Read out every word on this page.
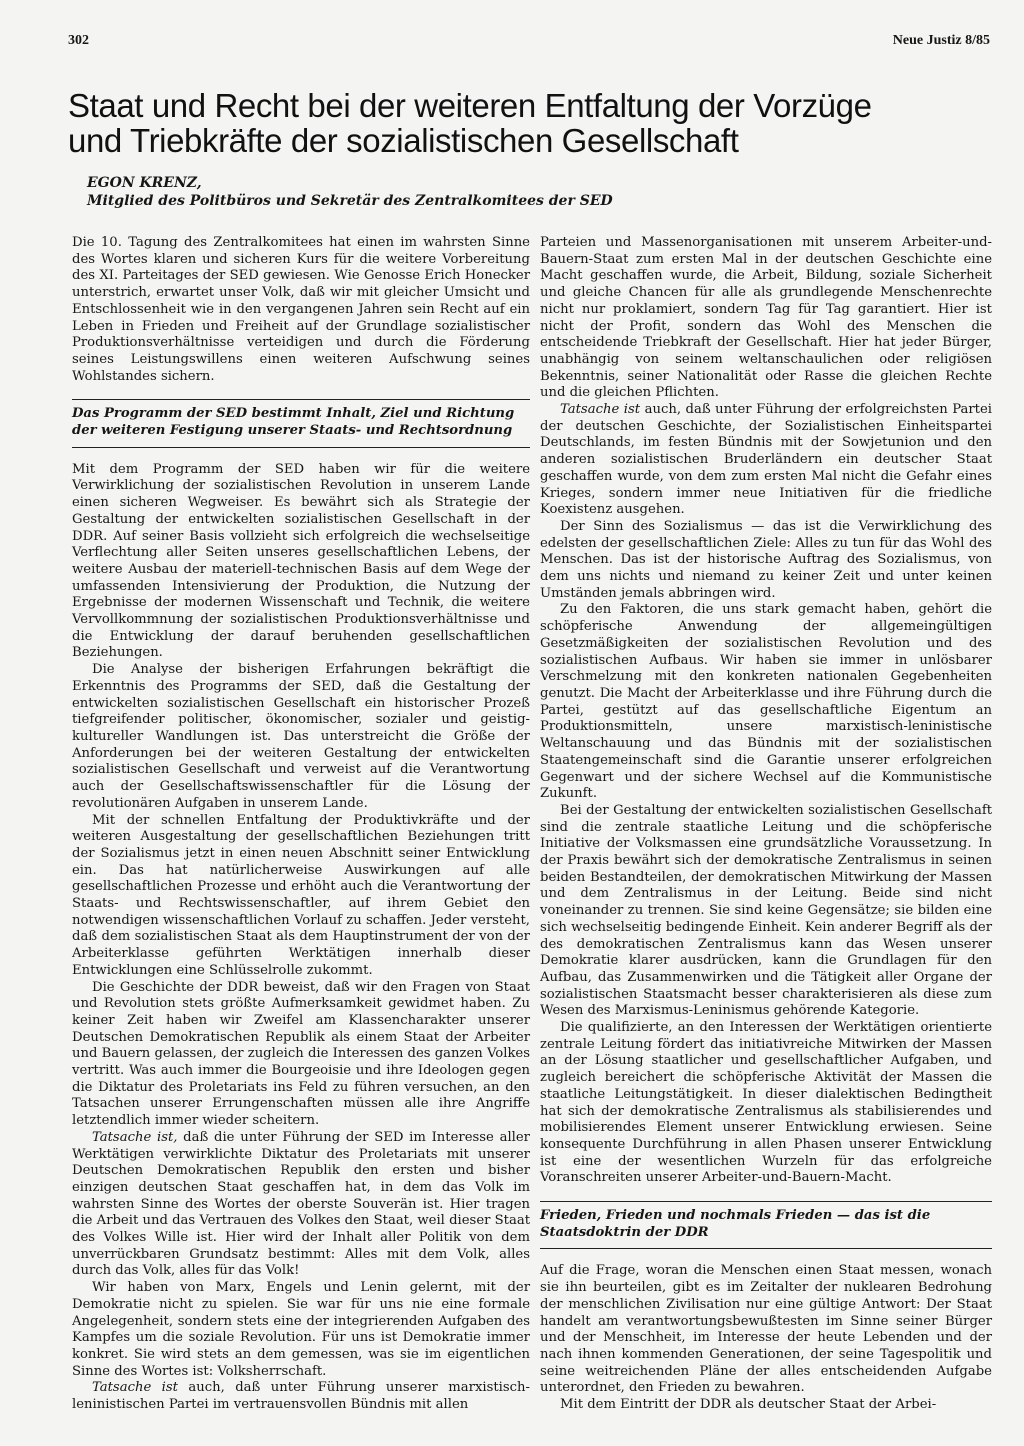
302	Neue Justiz 8/85
Staat und Recht bei der weiteren Entfaltung der Vorzüge und Triebkräfte der sozialistischen Gesellschaft
EGON KRENZ,
Mitglied des Politbüros und Sekretär des Zentralkomitees der SED

Die 10. Tagung des Zentralkomitees hat einen im wahrsten Sinne des Wortes klaren und sicheren Kurs für die weitere Vorbereitung des XI. Parteitages der SED gewiesen. Wie Genosse Erich Honecker unterstrich, erwartet unser Volk, daß wir mit gleicher Umsicht und Entschlossenheit wie in den vergangenen Jahren sein Recht auf ein Leben in Frieden und Freiheit auf der Grundlage sozialistischer Produktionsverhältnisse verteidigen und durch die Förderung seines Leistungswillens einen weiteren Aufschwung seines Wohlstandes sichern.

Das Programm der SED bestimmt Inhalt, Ziel und Richtung der weiteren Festigung unserer Staats- und Rechtsordnung

Mit dem Programm der SED haben wir für die weitere Verwirklichung der sozialistischen Revolution in unserem Lande einen sicheren Wegweiser. Es bewährt sich als Strategie der Gestaltung der entwickelten sozialistischen Gesellschaft in der DDR. Auf seiner Basis vollzieht sich erfolgreich die wechselseitige Verflechtung aller Seiten unseres gesellschaftlichen Lebens, der weitere Ausbau der materiell-technischen Basis auf dem Wege der umfassenden Intensivierung der Produktion, die Nutzung der Ergebnisse der modernen Wissenschaft und Technik, die weitere Vervollkommnung der sozialistischen Produktionsverhältnisse und die Entwicklung der darauf beruhenden gesellschaftlichen Beziehungen.

Die Analyse der bisherigen Erfahrungen bekräftigt die Erkenntnis des Programms der SED, daß die Gestaltung der entwickelten sozialistischen Gesellschaft ein historischer Prozeß tiefgreifender politischer, ökonomischer, sozialer und geistig-kultureller Wandlungen ist. Das unterstreicht die Größe der Anforderungen bei der weiteren Gestaltung der entwickelten sozialistischen Gesellschaft und verweist auf die Verantwortung auch der Gesellschaftswissenschaftler für die Lösung der revolutionären Aufgaben in unserem Lande.

Mit der schnellen Entfaltung der Produktivkräfte und der weiteren Ausgestaltung der gesellschaftlichen Beziehungen tritt der Sozialismus jetzt in einen neuen Abschnitt seiner Entwicklung ein. Das hat natürlicherweise Auswirkungen auf alle gesellschaftlichen Prozesse und erhöht auch die Verantwortung der Staats- und Rechtswissenschaftler, auf ihrem Gebiet den notwendigen wissenschaftlichen Vorlauf zu schaffen. Jeder versteht, daß dem sozialistischen Staat als dem Hauptinstrument der von der Arbeiterklasse geführten Werktätigen innerhalb dieser Entwicklungen eine Schlüsselrolle zukommt.

Die Geschichte der DDR beweist, daß wir den Fragen von Staat und Revolution stets größte Aufmerksamkeit gewidmet haben. Zu keiner Zeit haben wir Zweifel am Klassencharakter unserer Deutschen Demokratischen Republik als einem Staat der Arbeiter und Bauern gelassen, der zugleich die Interessen des ganzen Volkes vertritt. Was auch immer die Bourgeoisie und ihre Ideologen gegen die Diktatur des Proletariats ins Feld zu führen versuchen, an den Tatsachen unserer Errungenschaften müssen alle ihre Angriffe letztendlich immer wieder scheitern.

Tatsache ist, daß die unter Führung der SED im Interesse aller Werktätigen verwirklichte Diktatur des Proletariats mit unserer Deutschen Demokratischen Republik den ersten und bisher einzigen deutschen Staat geschaffen hat, in dem das Volk im wahrsten Sinne des Wortes der oberste Souverän ist. Hier tragen die Arbeit und das Vertrauen des Volkes den Staat, weil dieser Staat des Volkes Wille ist. Hier wird der Inhalt aller Politik von dem unverrückbaren Grundsatz bestimmt: Alles mit dem Volk, alles durch das Volk, alles für das Volk!

Wir haben von Marx, Engels und Lenin gelernt, mit der Demokratie nicht zu spielen. Sie war für uns nie eine formale Angelegenheit, sondern stets eine der integrierenden Aufgaben des Kampfes um die soziale Revolution. Für uns ist Demokratie immer konkret. Sie wird stets an dem gemessen, was sie im eigentlichen Sinne des Wortes ist: Volksherrschaft.

Tatsache ist auch, daß unter Führung unserer marxistisch-leninistischen Partei im vertrauensvollen Bündnis mit allen

Parteien und Massenorganisationen mit unserem Arbeiter-und-Bauern-Staat zum ersten Mal in der deutschen Geschichte eine Macht geschaffen wurde, die Arbeit, Bildung, soziale Sicherheit und gleiche Chancen für alle als grundlegende Menschenrechte nicht nur proklamiert, sondern Tag für Tag garantiert. Hier ist nicht der Profit, sondern das Wohl des Menschen die entscheidende Triebkraft der Gesellschaft. Hier hat jeder Bürger, unabhängig von seinem weltanschaulichen oder religiösen Bekenntnis, seiner Nationalität oder Rasse die gleichen Rechte und die gleichen Pflichten.

Tatsache ist auch, daß unter Führung der erfolgreichsten Partei der deutschen Geschichte, der Sozialistischen Einheitspartei Deutschlands, im festen Bündnis mit der Sowjetunion und den anderen sozialistischen Bruderländern ein deutscher Staat geschaffen wurde, von dem zum ersten Mal nicht die Gefahr eines Krieges, sondern immer neue Initiativen für die friedliche Koexistenz ausgehen.

Der Sinn des Sozialismus — das ist die Verwirklichung des edelsten der gesellschaftlichen Ziele: Alles zu tun für das Wohl des Menschen. Das ist der historische Auftrag des Sozialismus, von dem uns nichts und niemand zu keiner Zeit und unter keinen Umständen jemals abbringen wird.

Zu den Faktoren, die uns stark gemacht haben, gehört die schöpferische Anwendung der allgemeingültigen Gesetzmäßigkeiten der sozialistischen Revolution und des sozialistischen Aufbaus. Wir haben sie immer in unlösbarer Verschmelzung mit den konkreten nationalen Gegebenheiten genutzt. Die Macht der Arbeiterklasse und ihre Führung durch die Partei, gestützt auf das gesellschaftliche Eigentum an Produktionsmitteln, unsere marxistisch-leninistische Weltanschauung und das Bündnis mit der sozialistischen Staatengemeinschaft sind die Garantie unserer erfolgreichen Gegenwart und der sichere Wechsel auf die Kommunistische Zukunft.

Bei der Gestaltung der entwickelten sozialistischen Gesellschaft sind die zentrale staatliche Leitung und die schöpferische Initiative der Volksmassen eine grundsätzliche Voraussetzung. In der Praxis bewährt sich der demokratische Zentralismus in seinen beiden Bestandteilen, der demokratischen Mitwirkung der Massen und dem Zentralismus in der Leitung. Beide sind nicht voneinander zu trennen. Sie sind keine Gegensätze; sie bilden eine sich wechselseitig bedingende Einheit. Kein anderer Begriff als der des demokratischen Zentralismus kann das Wesen unserer Demokratie klarer ausdrücken, kann die Grundlagen für den Aufbau, das Zusammenwirken und die Tätigkeit aller Organe der sozialistischen Staatsmacht besser charakterisieren als diese zum Wesen des Marxismus-Leninismus gehörende Kategorie.

Die qualifizierte, an den Interessen der Werktätigen orientierte zentrale Leitung fördert das initiativreiche Mitwirken der Massen an der Lösung staatlicher und gesellschaftlicher Aufgaben, und zugleich bereichert die schöpferische Aktivität der Massen die staatliche Leitungstätigkeit. In dieser dialektischen Bedingtheit hat sich der demokratische Zentralismus als stabilisierendes und mobilisierendes Element unserer Entwicklung erwiesen. Seine konsequente Durchführung in allen Phasen unserer Entwicklung ist eine der wesentlichen Wurzeln für das erfolgreiche Voranschreiten unserer Arbeiter-und-Bauern-Macht.

Frieden, Frieden und nochmals Frieden — das ist die Staatsdoktrin der DDR

Auf die Frage, woran die Menschen einen Staat messen, wonach sie ihn beurteilen, gibt es im Zeitalter der nuklearen Bedrohung der menschlichen Zivilisation nur eine gültige Antwort: Der Staat handelt am verantwortungsbewußtesten im Sinne seiner Bürger und der Menschheit, im Interesse der heute Lebenden und der nach ihnen kommenden Generationen, der seine Tagespolitik und seine weitreichenden Pläne der alles entscheidenden Aufgabe unterordnet, den Frieden zu bewahren.

Mit dem Eintritt der DDR als deutscher Staat der Arbei-
